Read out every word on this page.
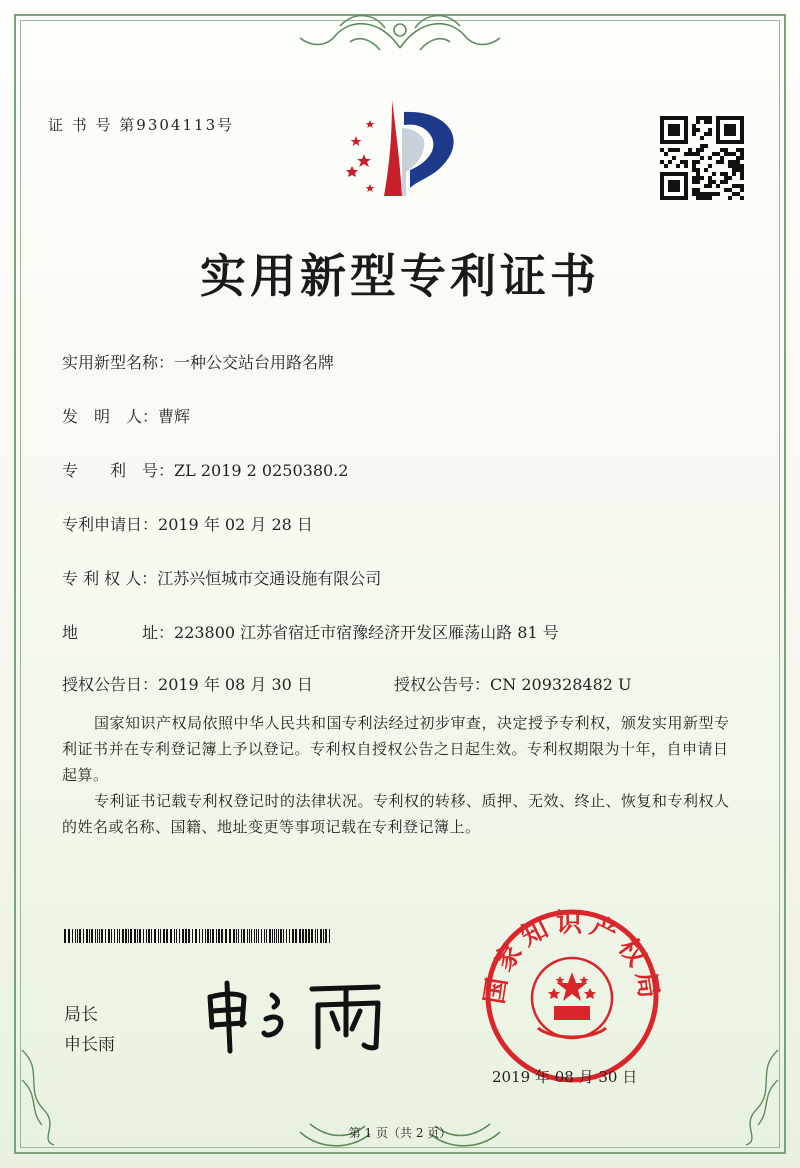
证 书 号 第9304113号
实用新型专利证书
实用新型名称：一种公交站台用路名牌
发　明　人：曹辉
专　　利　号：ZL 2019 2 0250380.2
专利申请日：2019 年 02 月 28 日
专 利 权 人：江苏兴恒城市交通设施有限公司
地　　　　址：223800 江苏省宿迁市宿豫经济开发区雁荡山路 81 号
授权公告日：2019 年 08 月 30 日	授权公告号：CN 209328482 U
国家知识产权局依照中华人民共和国专利法经过初步审查，决定授予专利权，颁发实用新型专利证书并在专利登记簿上予以登记。专利权自授权公告之日起生效。专利权期限为十年，自申请日起算。
专利证书记载专利权登记时的法律状况。专利权的转移、质押、无效、终止、恢复和专利权人的姓名或名称、国籍、地址变更等事项记载在专利登记簿上。
局长
申长雨
国家知识产权局
2019 年 08 月 30 日
第 1 页（共 2 页）
